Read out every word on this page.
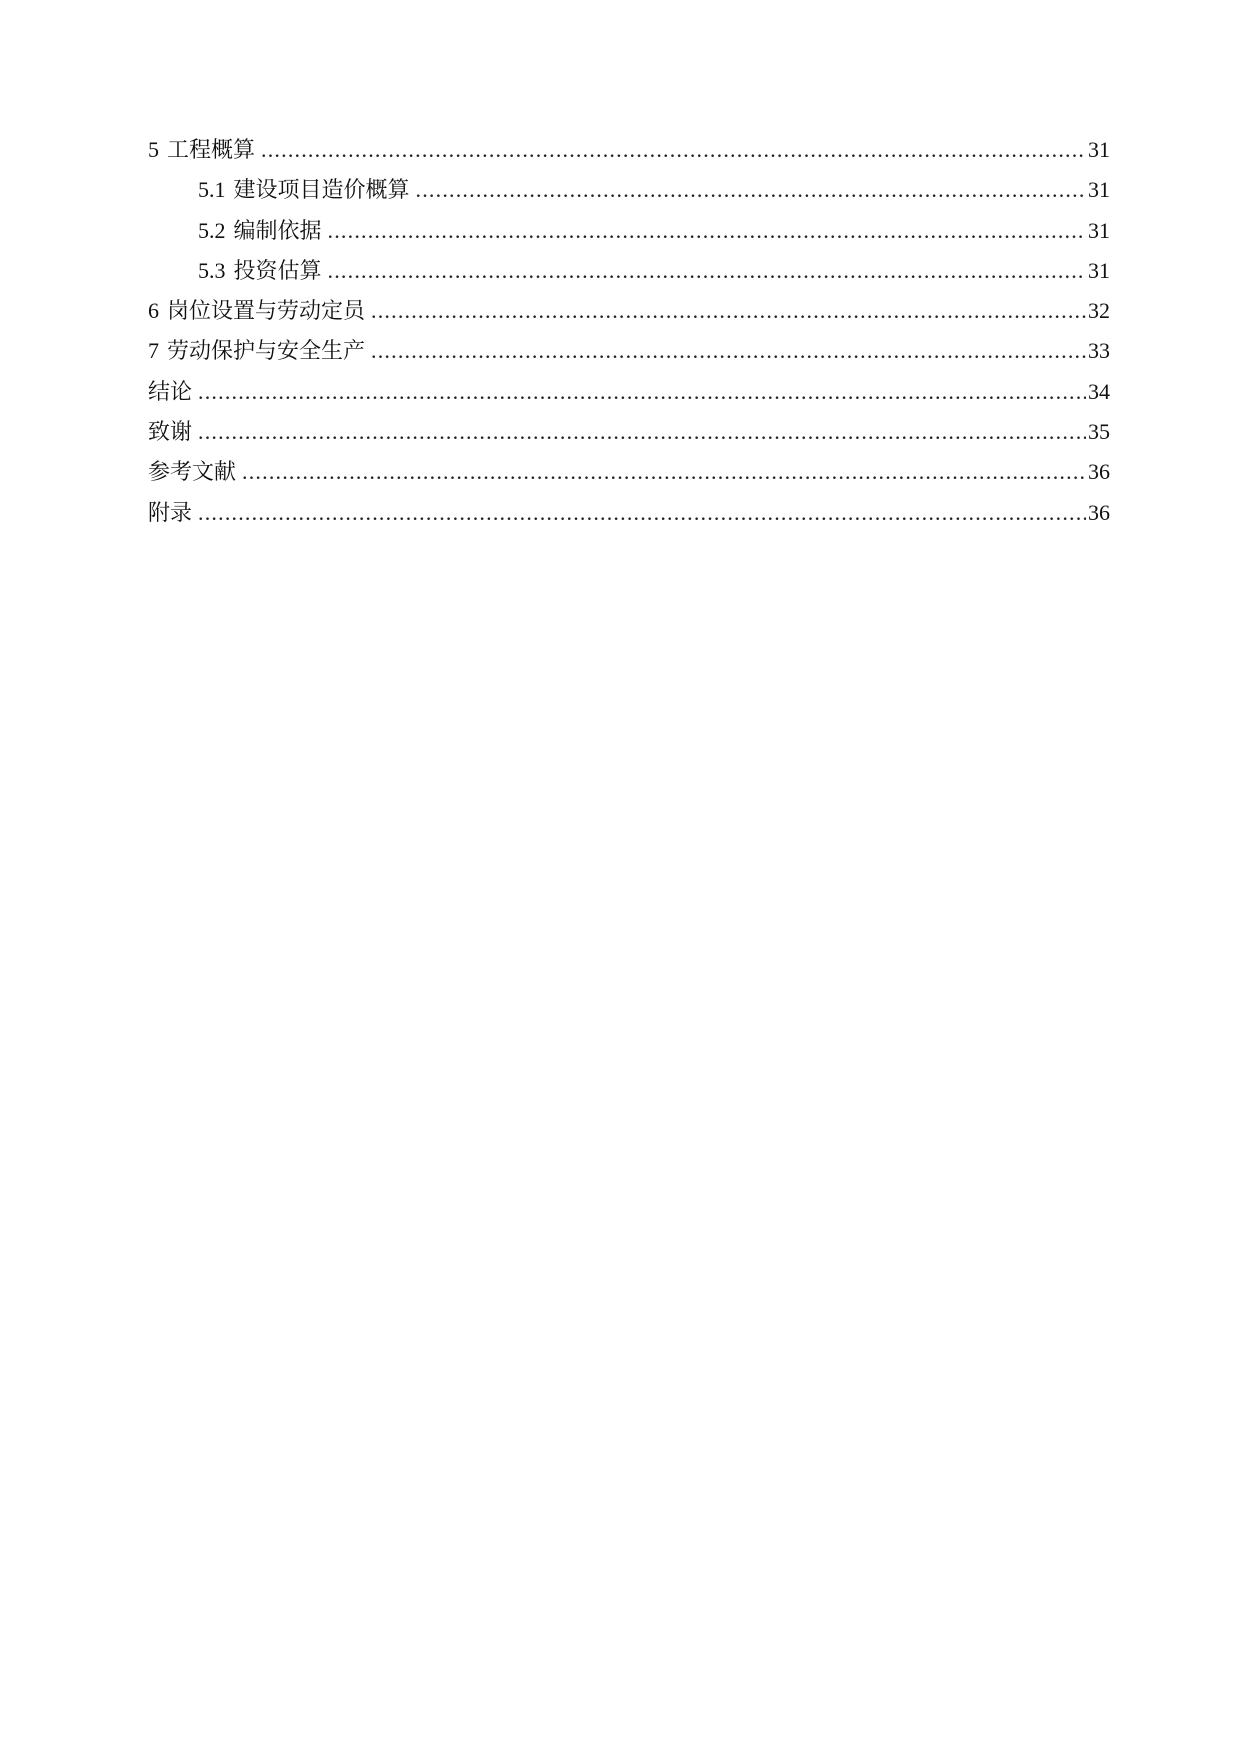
5 工程概算 .....	31
5.1 建设项目造价概算 .....	31
5.2 编制依据 .....	31
5.3 投资估算 .....	31
6 岗位设置与劳动定员 .....	32
7 劳动保护与安全生产 .....	33
结论 .....	34
致谢 .....	35
参考文献 .....	36
附录 .....	36
